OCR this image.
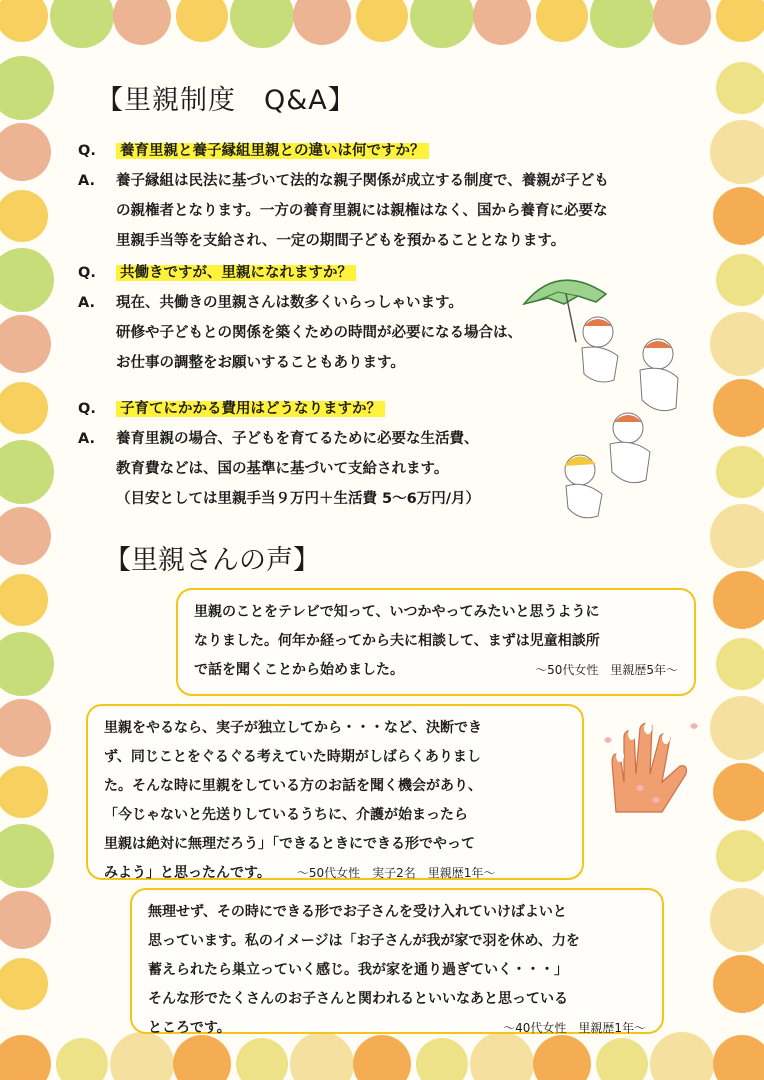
【里親制度　Q&A】
Q.	養育里親と養子縁組里親との違いは何ですか？
A.	養子縁組は民法に基づいて法的な親子関係が成立する制度で、養親が子ども
の親権者となります。一方の養育里親には親権はなく、国から養育に必要な
里親手当等を支給され、一定の期間子どもを預かることとなります。
Q.	共働きですが、里親になれますか？
A.	現在、共働きの里親さんは数多くいらっしゃいます。
研修や子どもとの関係を築くための時間が必要になる場合は、
お仕事の調整をお願いすることもあります。
Q.	子育てにかかる費用はどうなりますか？
A.	養育里親の場合、子どもを育てるために必要な生活費、
教育費などは、国の基準に基づいて支給されます。
（目安としては里親手当９万円＋生活費 5～6万円/月）
【里親さんの声】
里親のことをテレビで知って、いつかやってみたいと思うように
なりました。何年か経ってから夫に相談して、まずは児童相談所
で話を聞くことから始めました。	～50代女性　里親歴5年～
里親をやるなら、実子が独立してから・・・など、決断でき
ず、同じことをぐるぐる考えていた時期がしばらくありまし
た。そんな時に里親をしている方のお話を聞く機会があり、
「今じゃないと先送りしているうちに、介護が始まったら
里親は絶対に無理だろう」「できるときにできる形でやって
みよう」と思ったんです。 ～50代女性　実子2名　里親歴1年～
無理せず、その時にできる形でお子さんを受け入れていけばよいと
思っています。私のイメージは「お子さんが我が家で羽を休め、力を
蓄えられたら巣立っていく感じ。我が家を通り過ぎていく・・・」
そんな形でたくさんのお子さんと関われるといいなあと思っている
ところです。	～40代女性　里親歴1年～
